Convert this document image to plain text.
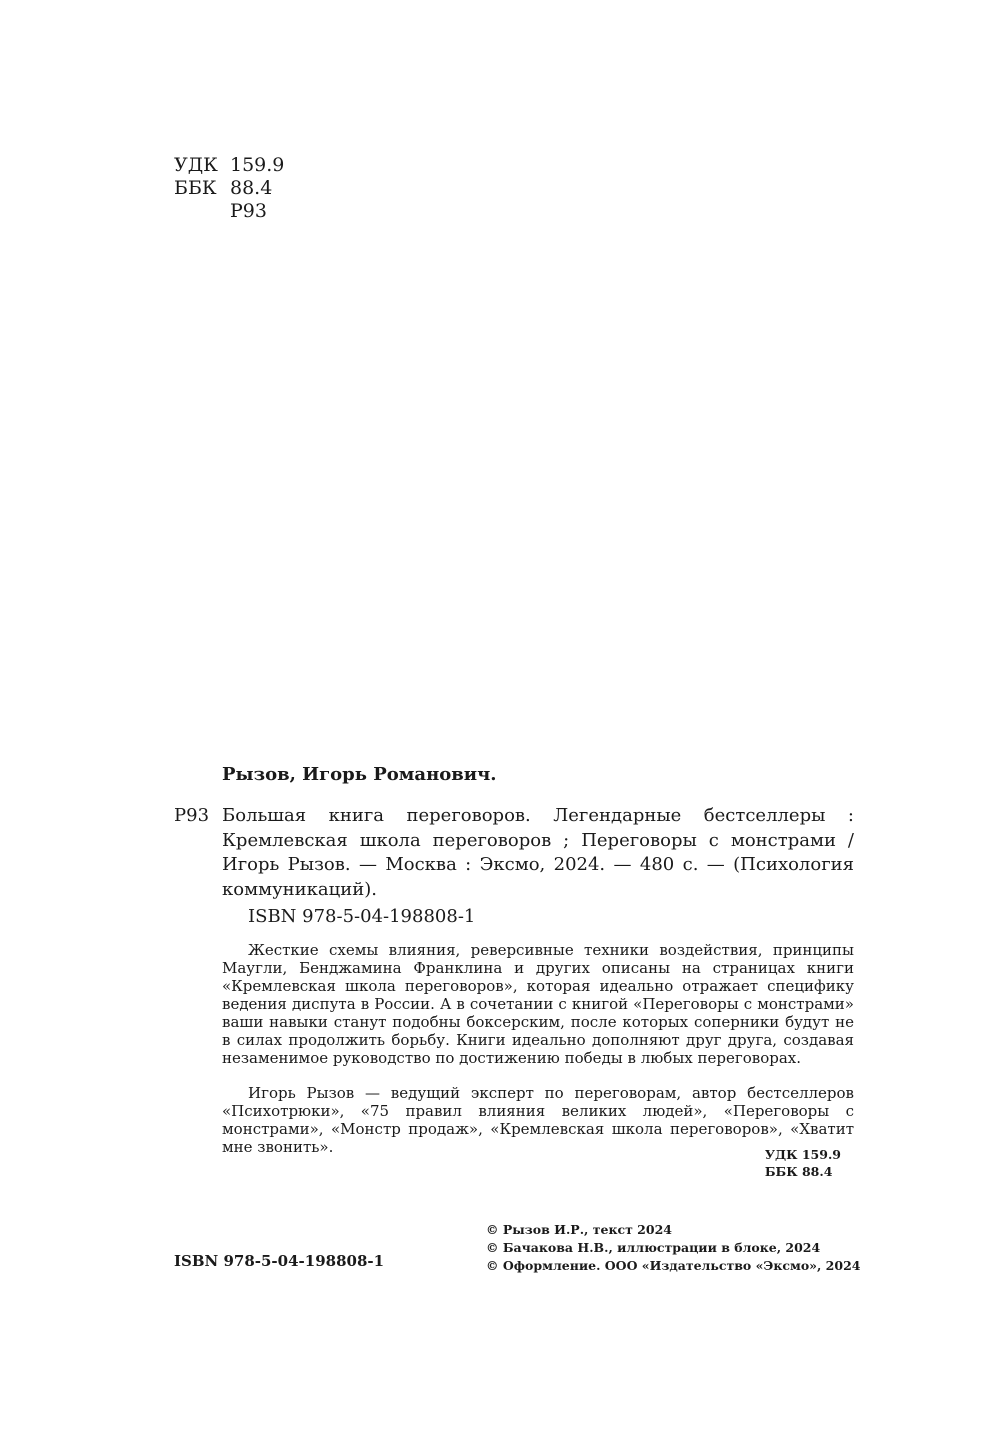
УДК 159.9
ББК 88.4
Р93
Рызов, Игорь Романович.
Р93 Большая книга переговоров. Легендарные бестселлеры : Кремлевская школа переговоров ; Переговоры с монстрами / Игорь Рызов. — Москва : Эксмо, 2024. — 480 с. — (Психология коммуникаций).
ISBN 978-5-04-198808-1

Жесткие схемы влияния, реверсивные техники воздействия, принципы Маугли, Бенджамина Франклина и других описаны на страницах книги «Кремлевская школа переговоров», которая идеально отражает специфику ведения диспута в России. А в сочетании с книгой «Переговоры с монстрами» ваши навыки станут подобны боксерским, после которых соперники будут не в силах продолжить борьбу. Книги идеально дополняют друг друга, создавая незаменимое руководство по достижению победы в любых переговорах.

Игорь Рызов — ведущий эксперт по переговорам, автор бестселлеров «Психотрюки», «75 правил влияния великих людей», «Переговоры с монстрами», «Монстр продаж», «Кремлевская школа переговоров», «Хватит мне звонить».	УДК 159.9
ББК 88.4
ISBN 978-5-04-198808-1
© Рызов И.Р., текст 2024
© Бачакова Н.В., иллюстрации в блоке, 2024
© Оформление. ООО «Издательство «Эксмо», 2024
